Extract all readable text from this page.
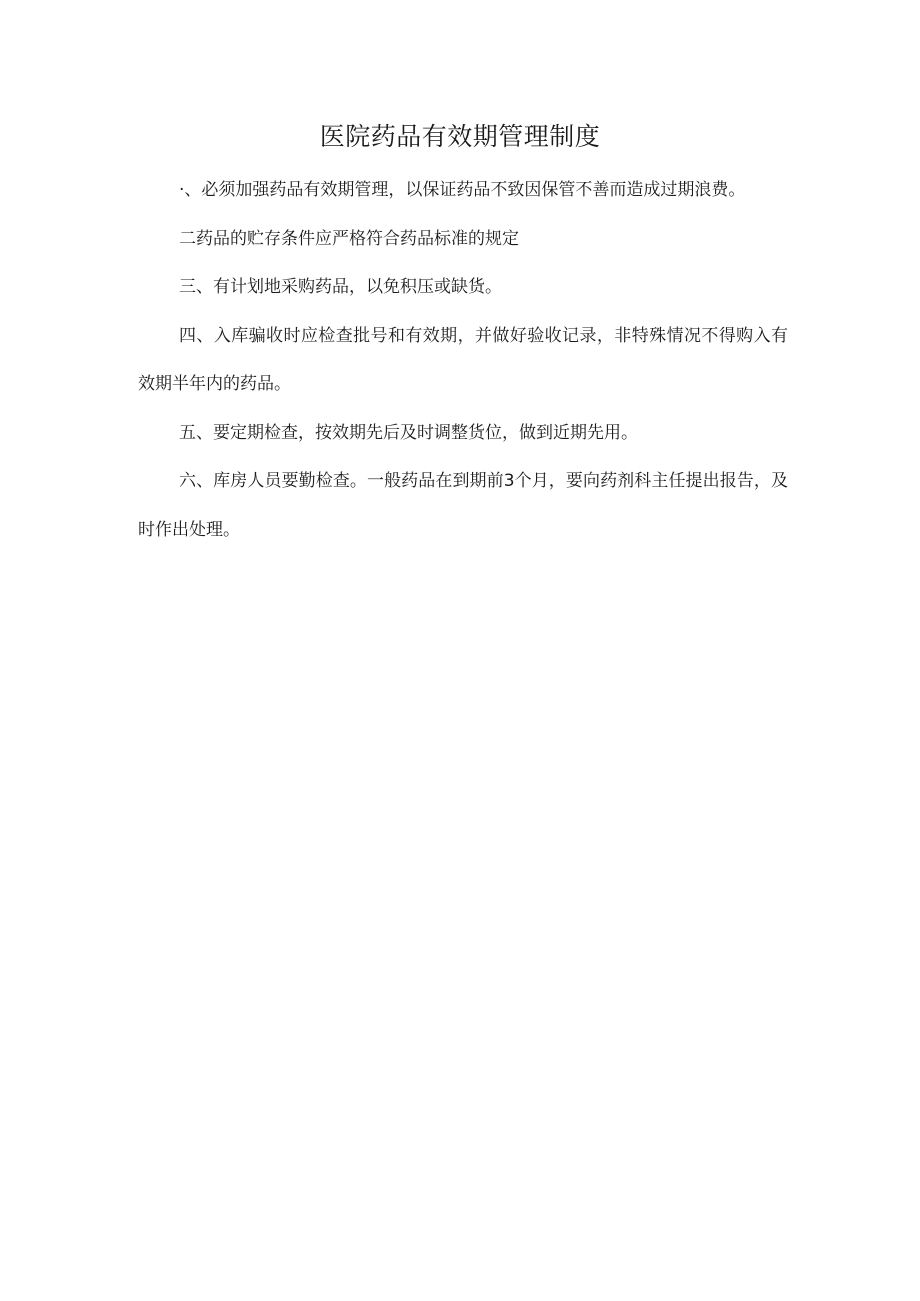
医院药品有效期管理制度

·、必须加强药品有效期管理，以保证药品不致因保管不善而造成过期浪费。

二药品的贮存条件应严格符合药品标准的规定

三、有计划地采购药品，以免积压或缺货。

四、入库骗收时应检查批号和有效期，并做好验收记录，非特殊情况不得购入有效期半年内的药品。

五、要定期检查，按效期先后及时调整货位，做到近期先用。

六、库房人员要勤检查。一般药品在到期前3个月，要向药剂科主任提出报告，及时作出处理。
